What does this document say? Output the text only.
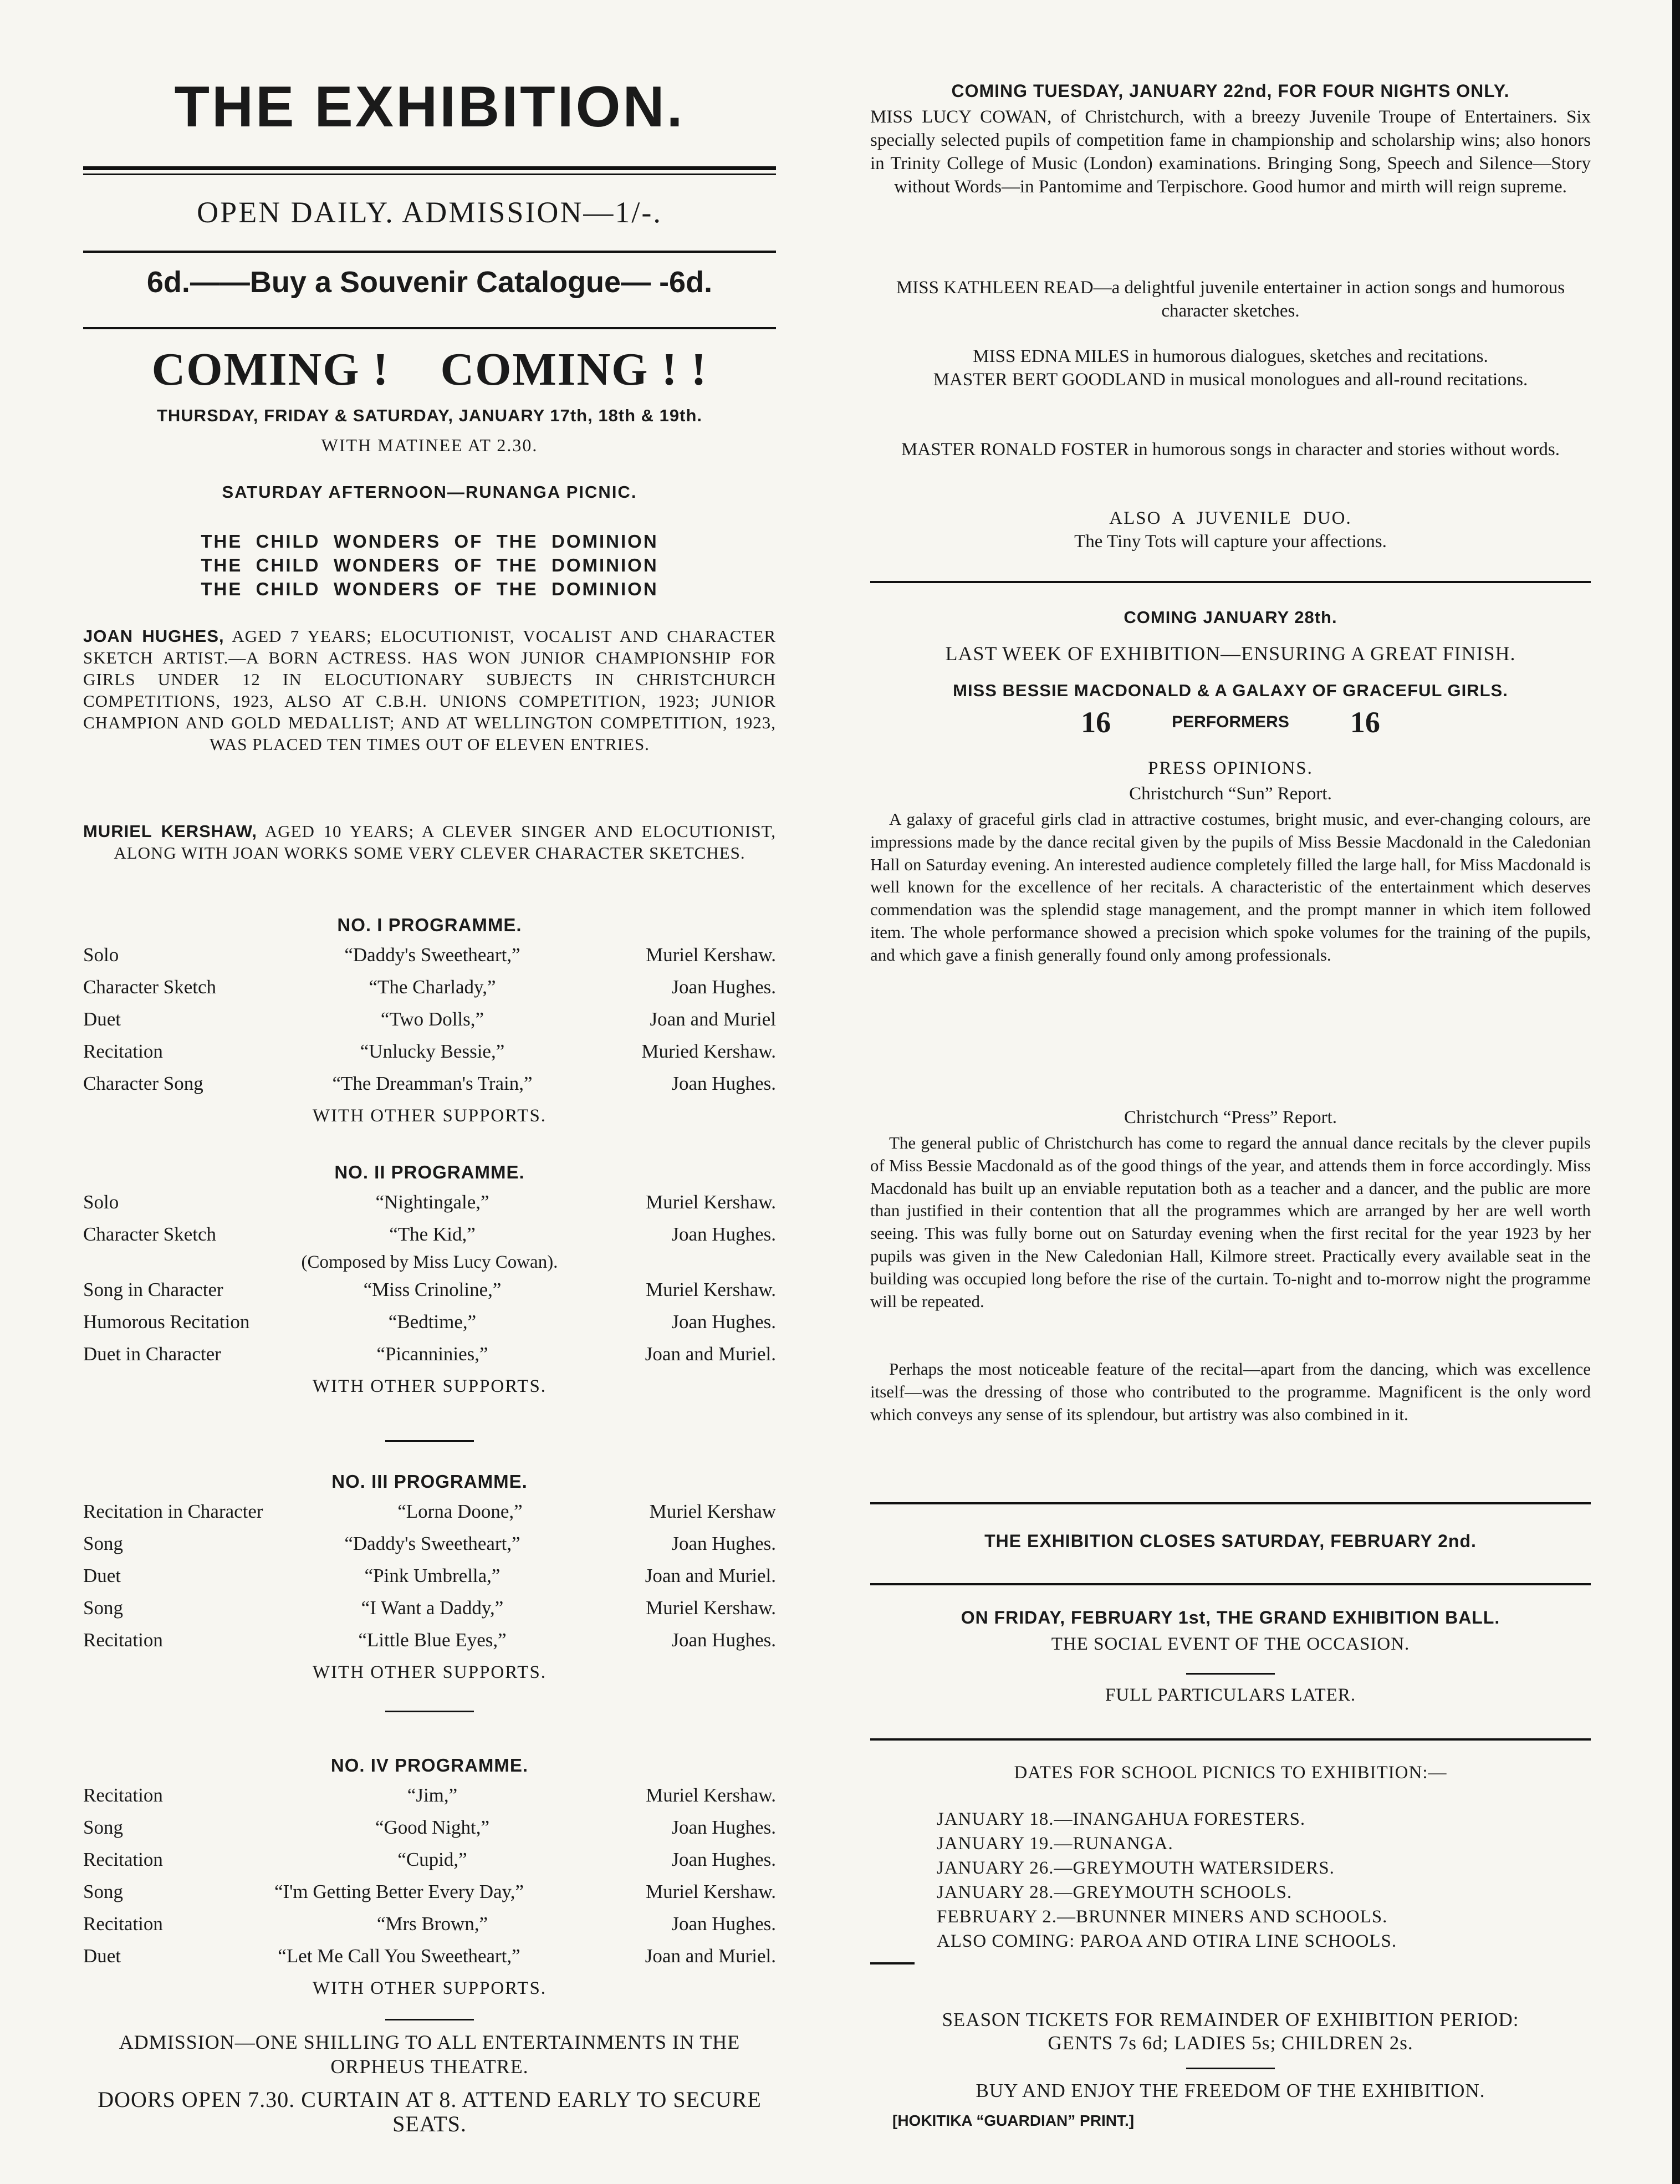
THE EXHIBITION.

OPEN DAILY. ADMISSION—1/-.

6d.——Buy a Souvenir Catalogue— -6d.

COMING !    COMING ! !

THURSDAY, FRIDAY & SATURDAY, JANUARY 17th, 18th & 19th.

WITH MATINEE AT 2.30.

SATURDAY AFTERNOON—RUNANGA PICNIC.

THE  CHILD  WONDERS  OF  THE  DOMINION

THE  CHILD  WONDERS  OF  THE  DOMINION

THE  CHILD  WONDERS  OF  THE  DOMINION

JOAN HUGHES, AGED 7 YEARS; ELOCUTIONIST, VOCALIST AND CHARACTER SKETCH ARTIST.—A BORN ACTRESS. HAS WON JUNIOR CHAMPIONSHIP FOR GIRLS UNDER 12 IN ELOCUTIONARY SUBJECTS IN CHRISTCHURCH COMPETITIONS, 1923, ALSO AT C.B.H. UNIONS COMPETITION, 1923; JUNIOR CHAMPION AND GOLD MEDALLIST; AND AT WELLINGTON COMPETITION, 1923, WAS PLACED TEN TIMES OUT OF ELEVEN ENTRIES.

MURIEL KERSHAW, AGED 10 YEARS; A CLEVER SINGER AND ELOCUTIONIST, ALONG WITH JOAN WORKS SOME VERY CLEVER CHARACTER SKETCHES.

NO. I PROGRAMME.

Solo	“Daddy's Sweetheart,”	Muriel Kershaw.
Character Sketch	“The Charlady,”	Joan Hughes.
Duet	“Two Dolls,”	Joan and Muriel
Recitation	“Unlucky Bessie,”	Muried Kershaw.
Character Song	“The Dreamman's Train,”	Joan Hughes.

WITH OTHER SUPPORTS.

NO. II PROGRAMME.

Solo	“Nightingale,”	Muriel Kershaw.
Character Sketch	“The Kid,”	Joan Hughes.

(Composed by Miss Lucy Cowan).

Song in Character	“Miss Crinoline,”	Muriel Kershaw.
Humorous Recitation	“Bedtime,”	Joan Hughes.
Duet in Character	“Picanninies,”	Joan and Muriel.

WITH OTHER SUPPORTS.

NO. III PROGRAMME.

Recitation in Character	“Lorna Doone,”	Muriel Kershaw
Song	“Daddy's Sweetheart,”	Joan Hughes.
Duet	“Pink Umbrella,”	Joan and Muriel.
Song	“I Want a Daddy,”	Muriel Kershaw.
Recitation	“Little Blue Eyes,”	Joan Hughes.

WITH OTHER SUPPORTS.

NO. IV PROGRAMME.

Recitation	“Jim,”	Muriel Kershaw.
Song	“Good Night,”	Joan Hughes.
Recitation	“Cupid,”	Joan Hughes.
Song	“I'm Getting Better Every Day,”	Muriel Kershaw.
Recitation	“Mrs Brown,”	Joan Hughes.
Duet	“Let Me Call You Sweetheart,”	Joan and Muriel.

WITH OTHER SUPPORTS.

ADMISSION—ONE SHILLING TO ALL ENTERTAINMENTS IN THE ORPHEUS THEATRE.

DOORS OPEN 7.30. CURTAIN AT 8. ATTEND EARLY TO SECURE SEATS.

COMING TUESDAY, JANUARY 22nd, FOR FOUR NIGHTS ONLY.

MISS LUCY COWAN, of Christchurch, with a breezy Juvenile Troupe of Entertainers. Six specially selected pupils of competition fame in championship and scholarship wins; also honors in Trinity College of Music (London) examinations. Bringing Song, Speech and Silence—Story without Words—in Pantomime and Terpischore. Good humor and mirth will reign supreme.

MISS KATHLEEN READ—a delightful juvenile entertainer in action songs and humorous character sketches.

MISS EDNA MILES in humorous dialogues, sketches and recitations.

MASTER BERT GOODLAND in musical monologues and all-round recitations.

MASTER RONALD FOSTER in humorous songs in character and stories without words.

ALSO  A  JUVENILE  DUO.

The Tiny Tots will capture your affections.

COMING JANUARY 28th.

LAST WEEK OF EXHIBITION—ENSURING A GREAT FINISH.

MISS BESSIE MACDONALD & A GALAXY OF GRACEFUL GIRLS.

16	PERFORMERS 16

PRESS OPINIONS.

Christchurch “Sun” Report.

A galaxy of graceful girls clad in attractive costumes, bright music, and ever-changing colours, are impressions made by the dance recital given by the pupils of Miss Bessie Macdonald in the Caledonian Hall on Saturday evening. An interested audience completely filled the large hall, for Miss Macdonald is well known for the excellence of her recitals. A characteristic of the entertainment which deserves commendation was the splendid stage management, and the prompt manner in which item followed item. The whole performance showed a precision which spoke volumes for the training of the pupils, and which gave a finish generally found only among professionals.

Christchurch “Press” Report.

The general public of Christchurch has come to regard the annual dance recitals by the clever pupils of Miss Bessie Macdonald as of the good things of the year, and attends them in force accordingly. Miss Macdonald has built up an enviable reputation both as a teacher and a dancer, and the public are more than justified in their contention that all the programmes which are arranged by her are well worth seeing. This was fully borne out on Saturday evening when the first recital for the year 1923 by her pupils was given in the New Caledonian Hall, Kilmore street. Practically every available seat in the building was occupied long before the rise of the curtain. To-night and to-morrow night the programme will be repeated.

Perhaps the most noticeable feature of the recital—apart from the dancing, which was excellence itself—was the dressing of those who contributed to the programme. Magnificent is the only word which conveys any sense of its splendour, but artistry was also combined in it.

THE EXHIBITION CLOSES SATURDAY, FEBRUARY 2nd.

ON FRIDAY, FEBRUARY 1st, THE GRAND EXHIBITION BALL.

THE SOCIAL EVENT OF THE OCCASION.

FULL PARTICULARS LATER.

DATES FOR SCHOOL PICNICS TO EXHIBITION:—

JANUARY 18.—INANGAHUA FORESTERS.

JANUARY 19.—RUNANGA.

JANUARY 26.—GREYMOUTH WATERSIDERS.

JANUARY 28.—GREYMOUTH SCHOOLS.

FEBRUARY 2.—BRUNNER MINERS AND SCHOOLS.

ALSO COMING: PAROA AND OTIRA LINE SCHOOLS.

SEASON TICKETS FOR REMAINDER OF EXHIBITION PERIOD:

GENTS 7s 6d; LADIES 5s; CHILDREN 2s.

BUY AND ENJOY THE FREEDOM OF THE EXHIBITION.

[HOKITIKA “GUARDIAN” PRINT.]
